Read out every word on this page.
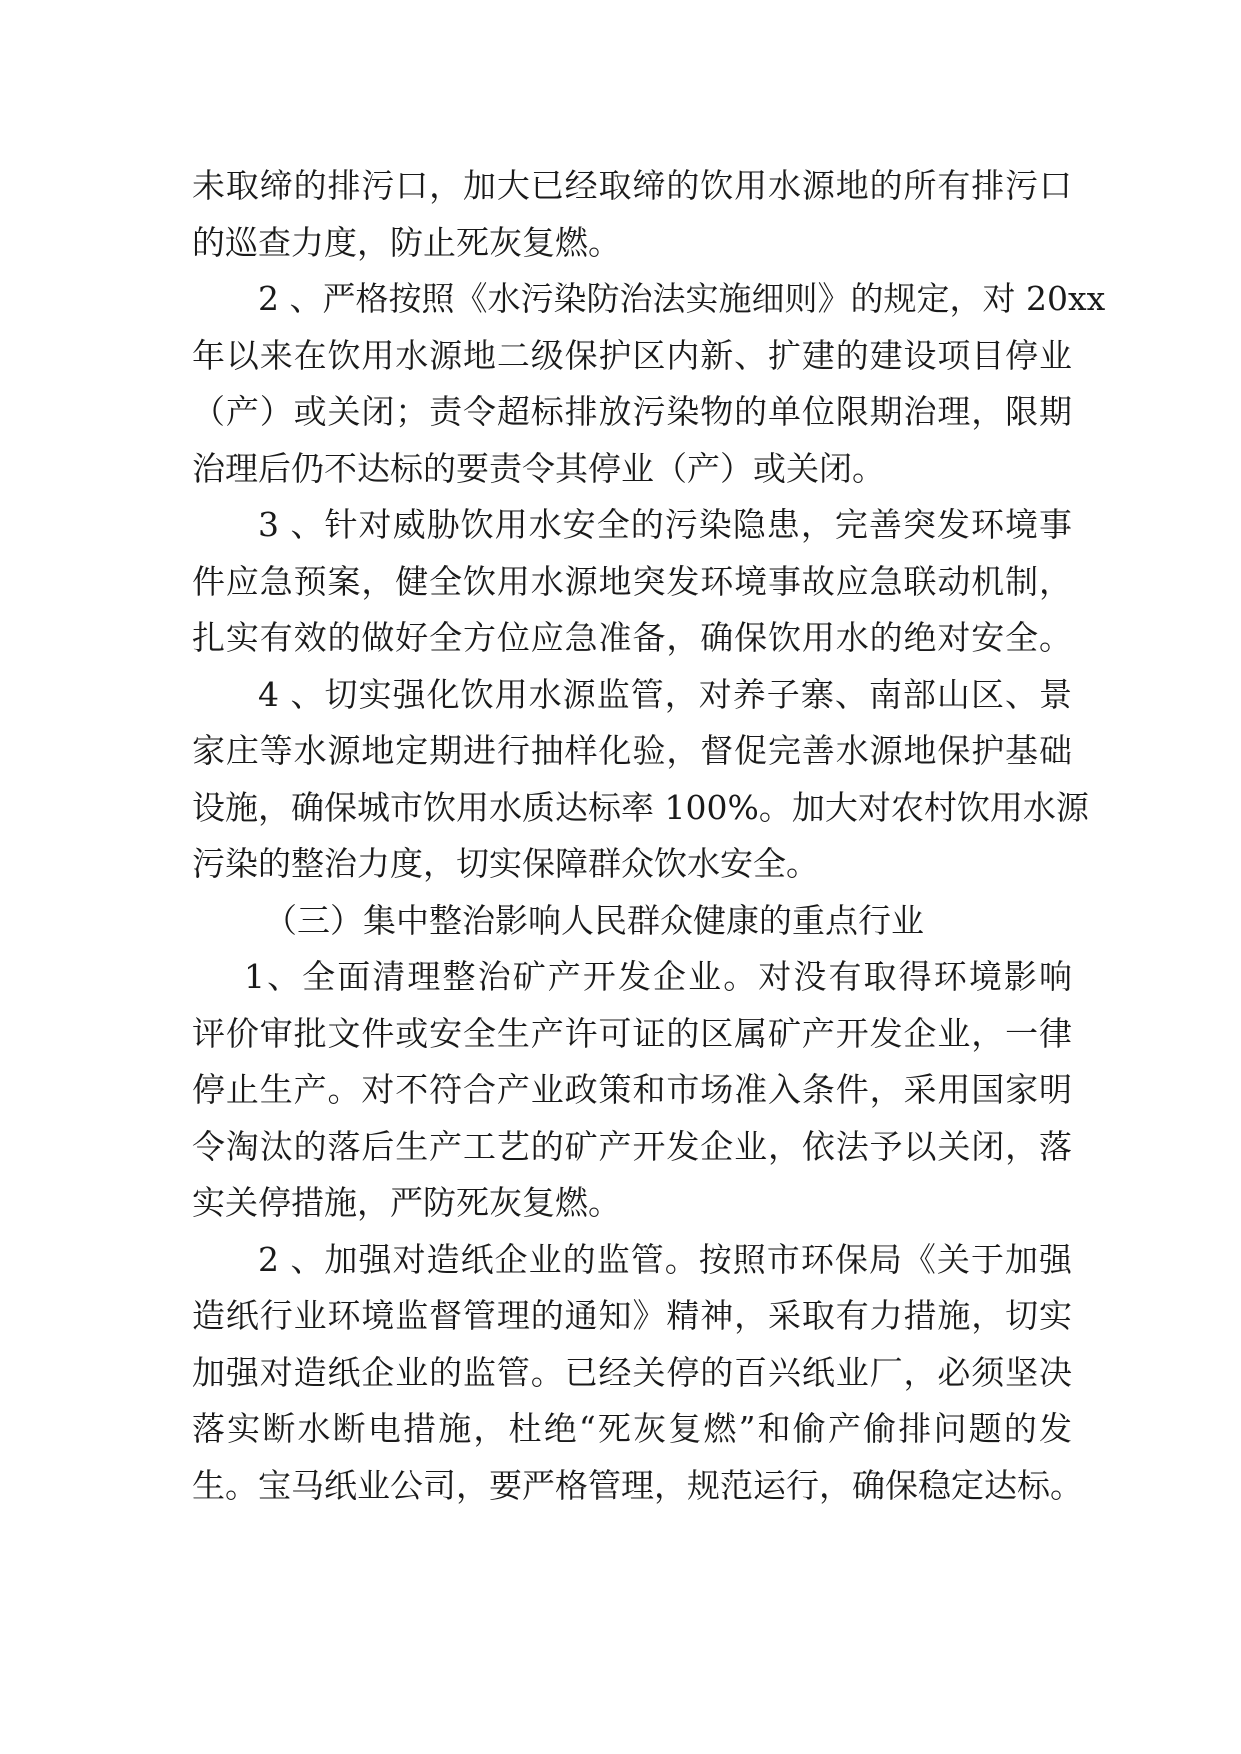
未取缔的排污口，加大已经取缔的饮用水源地的所有排污口
的巡查力度，防止死灰复燃。
2 、严格按照《水污染防治法实施细则》的规定，对 20xx
年以来在饮用水源地二级保护区内新、扩建的建设项目停业
（产）或关闭；责令超标排放污染物的单位限期治理，限期
治理后仍不达标的要责令其停业（产）或关闭。
3 、针对威胁饮用水安全的污染隐患，完善突发环境事
件应急预案，健全饮用水源地突发环境事故应急联动机制，
扎实有效的做好全方位应急准备，确保饮用水的绝对安全。
4 、切实强化饮用水源监管，对养子寨、南部山区、景
家庄等水源地定期进行抽样化验，督促完善水源地保护基础
设施，确保城市饮用水质达标率 100%。加大对农村饮用水源
污染的整治力度，切实保障群众饮水安全。
（三）集中整治影响人民群众健康的重点行业
1、全面清理整治矿产开发企业。对没有取得环境影响
评价审批文件或安全生产许可证的区属矿产开发企业，一律
停止生产。对不符合产业政策和市场准入条件，采用国家明
令淘汰的落后生产工艺的矿产开发企业，依法予以关闭，落
实关停措施，严防死灰复燃。
2 、加强对造纸企业的监管。按照市环保局《关于加强
造纸行业环境监督管理的通知》精神，采取有力措施，切实
加强对造纸企业的监管。已经关停的百兴纸业厂，必须坚决
落实断水断电措施，杜绝“死灰复燃”和偷产偷排问题的发
生。宝马纸业公司，要严格管理，规范运行，确保稳定达标。
